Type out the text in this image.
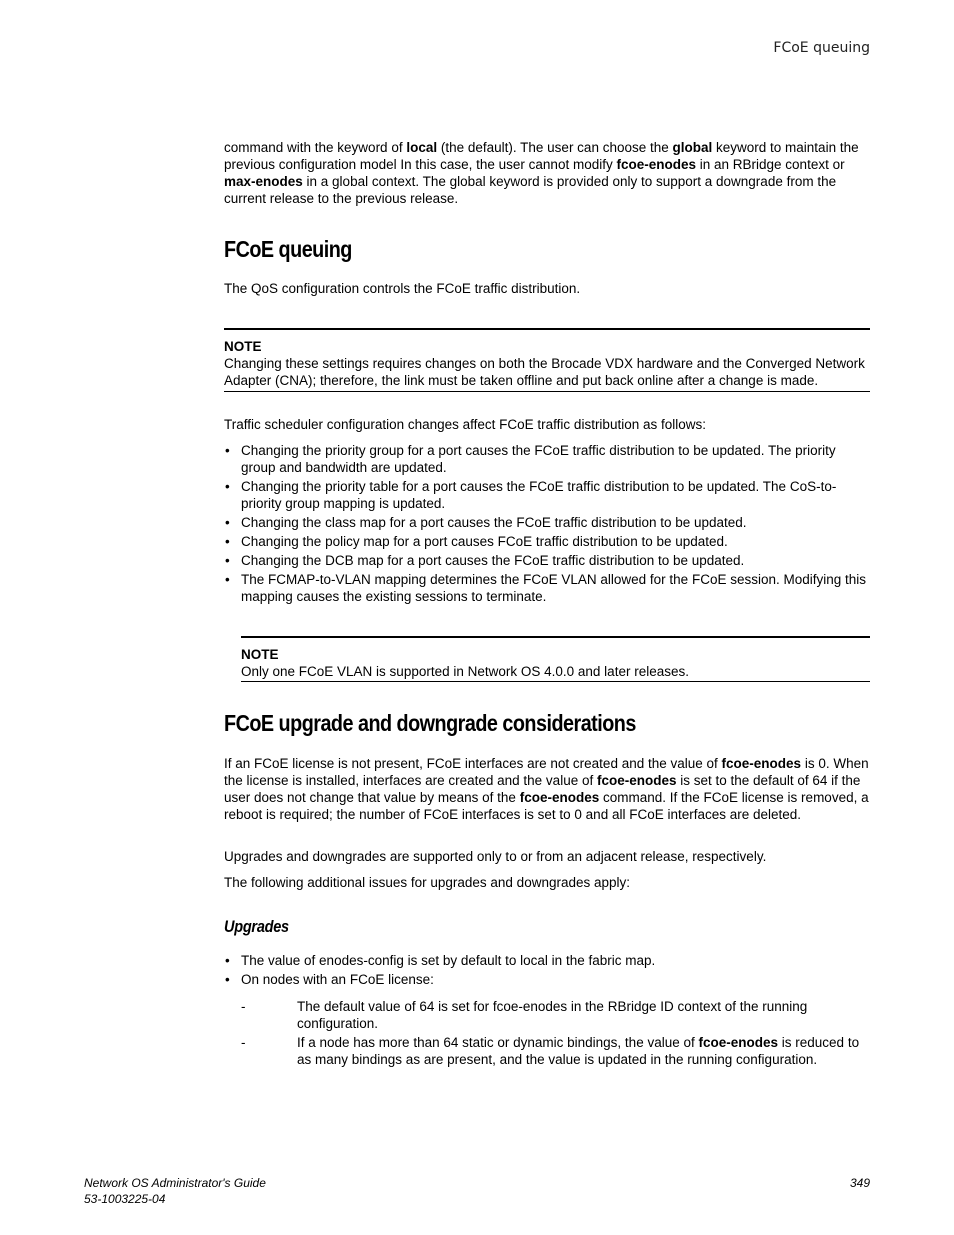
FCoE queuing
command with the keyword of local (the default). The user can choose the global keyword to maintain the previous configuration model In this case, the user cannot modify fcoe-enodes in an RBridge context or max-enodes in a global context. The global keyword is provided only to support a downgrade from the current release to the previous release.
FCoE queuing
The QoS configuration controls the FCoE traffic distribution.
NOTE
Changing these settings requires changes on both the Brocade VDX hardware and the Converged Network Adapter (CNA); therefore, the link must be taken offline and put back online after a change is made.
Traffic scheduler configuration changes affect FCoE traffic distribution as follows:
• Changing the priority group for a port causes the FCoE traffic distribution to be updated. The priority group and bandwidth are updated.
• Changing the priority table for a port causes the FCoE traffic distribution to be updated. The CoS-to-priority group mapping is updated.
• Changing the class map for a port causes the FCoE traffic distribution to be updated.
• Changing the policy map for a port causes FCoE traffic distribution to be updated.
• Changing the DCB map for a port causes the FCoE traffic distribution to be updated.
• The FCMAP-to-VLAN mapping determines the FCoE VLAN allowed for the FCoE session. Modifying this mapping causes the existing sessions to terminate.
NOTE
Only one FCoE VLAN is supported in Network OS 4.0.0 and later releases.
FCoE upgrade and downgrade considerations
If an FCoE license is not present, FCoE interfaces are not created and the value of fcoe-enodes is 0. When the license is installed, interfaces are created and the value of fcoe-enodes is set to the default of 64 if the user does not change that value by means of the fcoe-enodes command. If the FCoE license is removed, a reboot is required; the number of FCoE interfaces is set to 0 and all FCoE interfaces are deleted.
Upgrades and downgrades are supported only to or from an adjacent release, respectively.
The following additional issues for upgrades and downgrades apply:
Upgrades
• The value of enodes-config is set by default to local in the fabric map.
• On nodes with an FCoE license:
-	The default value of 64 is set for fcoe-enodes in the RBridge ID context of the running configuration.
-	If a node has more than 64 static or dynamic bindings, the value of fcoe-enodes is reduced to as many bindings as are present, and the value is updated in the running configuration.
Network OS Administrator's Guide
53-1003225-04
349
